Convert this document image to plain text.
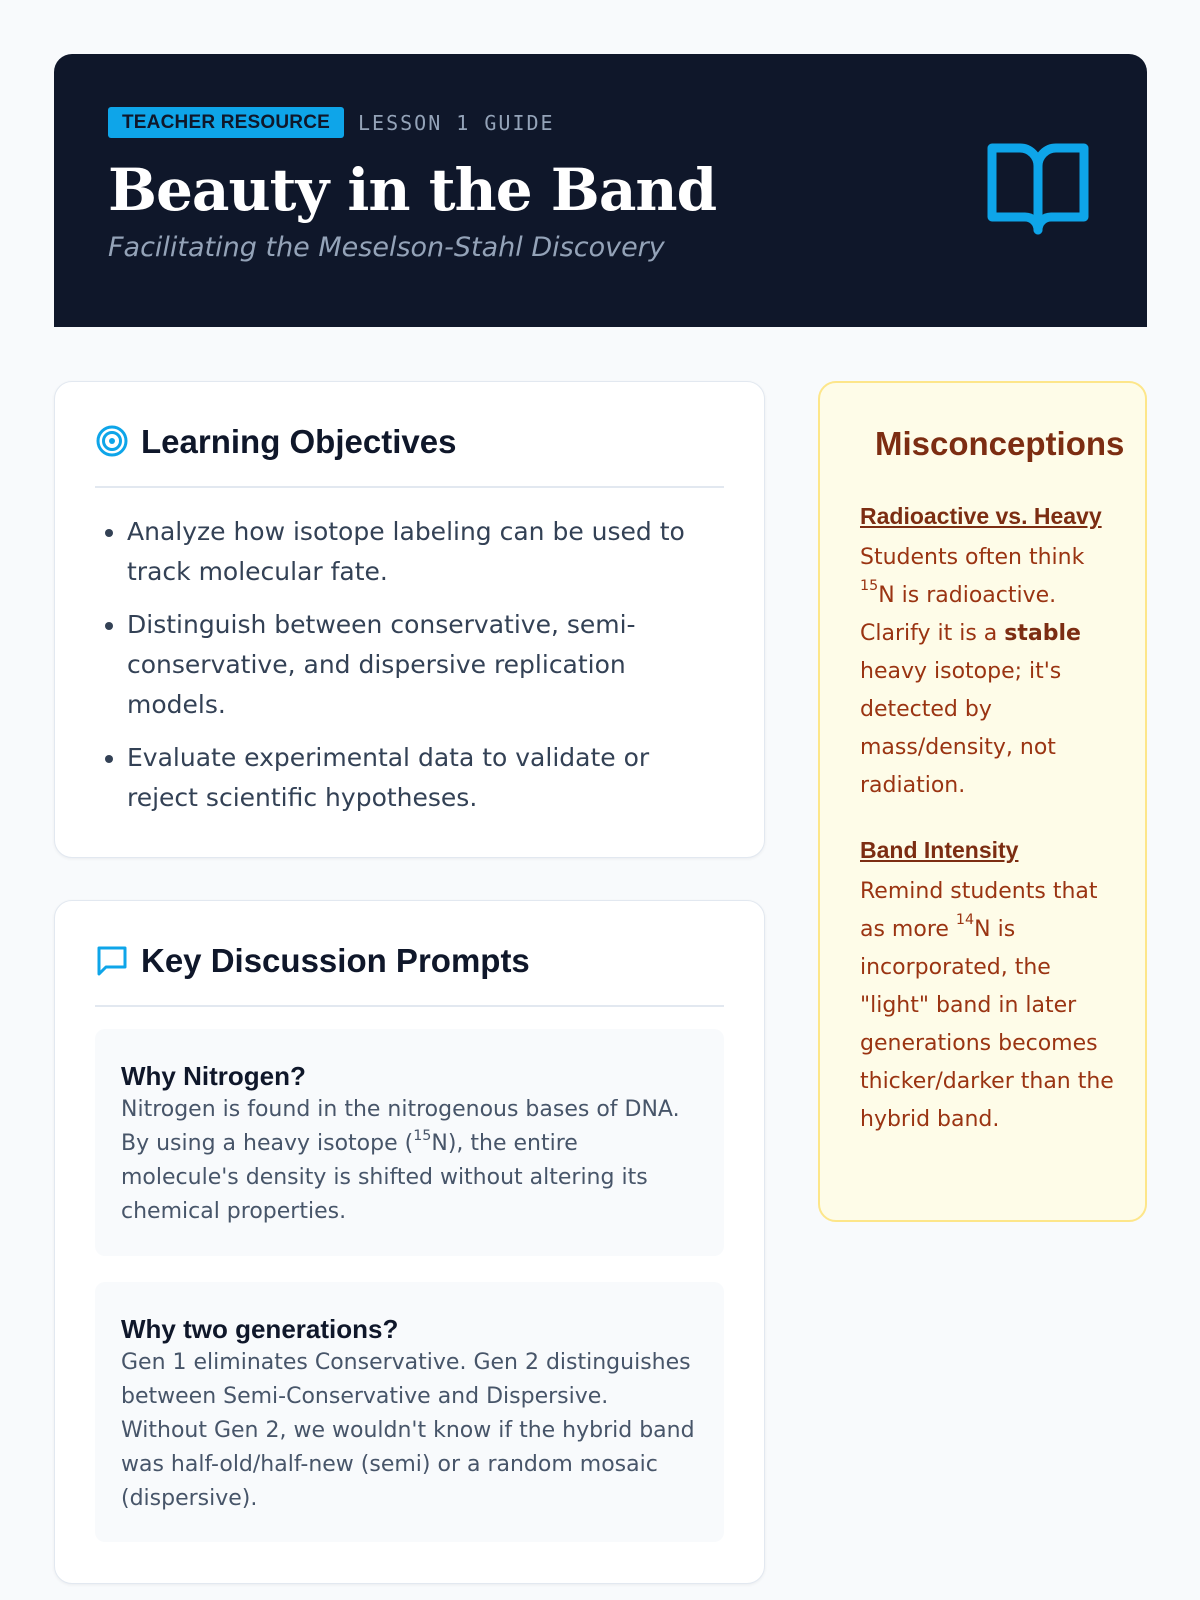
TEACHER RESOURCE	LESSON 1 GUIDE
Beauty in the Band
Facilitating the Meselson-Stahl Discovery
Learning Objectives
• Analyze how isotope labeling can be used to track molecular fate.
• Distinguish between conservative, semi-conservative, and dispersive replication models.
• Evaluate experimental data to validate or reject scientific hypotheses.
Key Discussion Prompts
Why Nitrogen?

Nitrogen is found in the nitrogenous bases of DNA. By using a heavy isotope ($^{15}$N), the entire molecule's density is shifted without altering its chemical properties.

Why two generations?

Gen 1 eliminates Conservative. Gen 2 distinguishes between Semi-Conservative and Dispersive. Without Gen 2, we wouldn't know if the hybrid band was half-old/half-new (semi) or a random mosaic (dispersive).

Misconceptions
Radioactive vs. Heavy

Students often think $^{15}$N is radioactive. Clarify it is a stable heavy isotope; it's detected by mass/density, not radiation.

Band Intensity

Remind students that as more $^{14}$N is incorporated, the "light" band in later generations becomes thicker/darker than the hybrid band.
